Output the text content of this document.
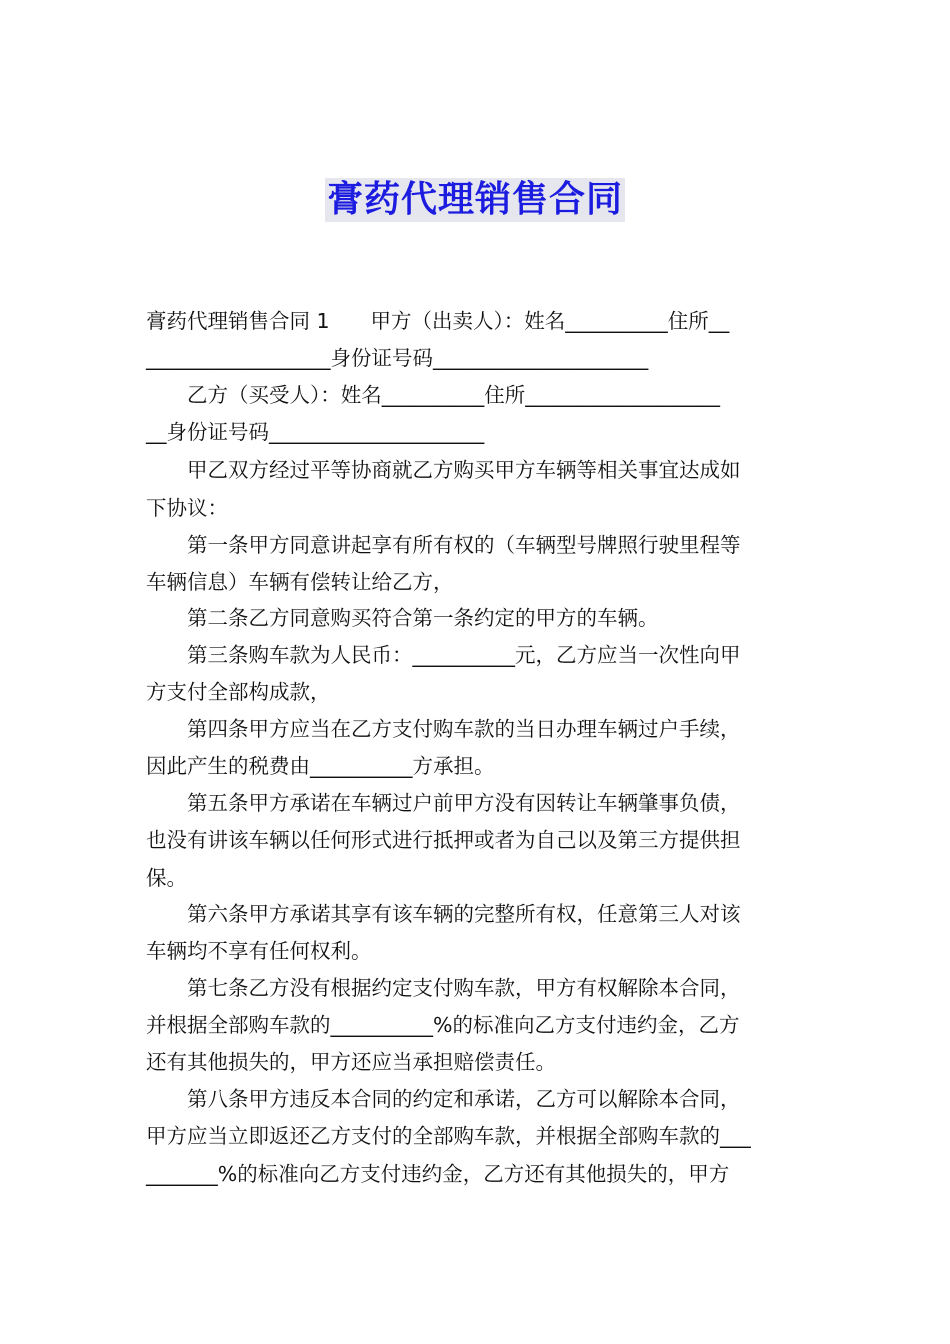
膏药代理销售合同
膏药代理销售合同 1　　甲方（出卖人）：姓名__________住所__
__________________身份证号码_____________________
　　乙方（买受人）：姓名__________住所___________________
__身份证号码_____________________
　　甲乙双方经过平等协商就乙方购买甲方车辆等相关事宜达成如
下协议：
　　第一条甲方同意讲起享有所有权的（车辆型号牌照行驶里程等
车辆信息）车辆有偿转让给乙方，
　　第二条乙方同意购买符合第一条约定的甲方的车辆。
　　第三条购车款为人民币：__________元，乙方应当一次性向甲
方支付全部构成款，
　　第四条甲方应当在乙方支付购车款的当日办理车辆过户手续，
因此产生的税费由__________方承担。
　　第五条甲方承诺在车辆过户前甲方没有因转让车辆肇事负债，
也没有讲该车辆以任何形式进行抵押或者为自己以及第三方提供担
保。
　　第六条甲方承诺其享有该车辆的完整所有权，任意第三人对该
车辆均不享有任何权利。
　　第七条乙方没有根据约定支付购车款，甲方有权解除本合同，
并根据全部购车款的__________%的标准向乙方支付违约金，乙方
还有其他损失的，甲方还应当承担赔偿责任。
　　第八条甲方违反本合同的约定和承诺，乙方可以解除本合同，
甲方应当立即返还乙方支付的全部购车款，并根据全部购车款的___
_______%的标准向乙方支付违约金，乙方还有其他损失的，甲方
